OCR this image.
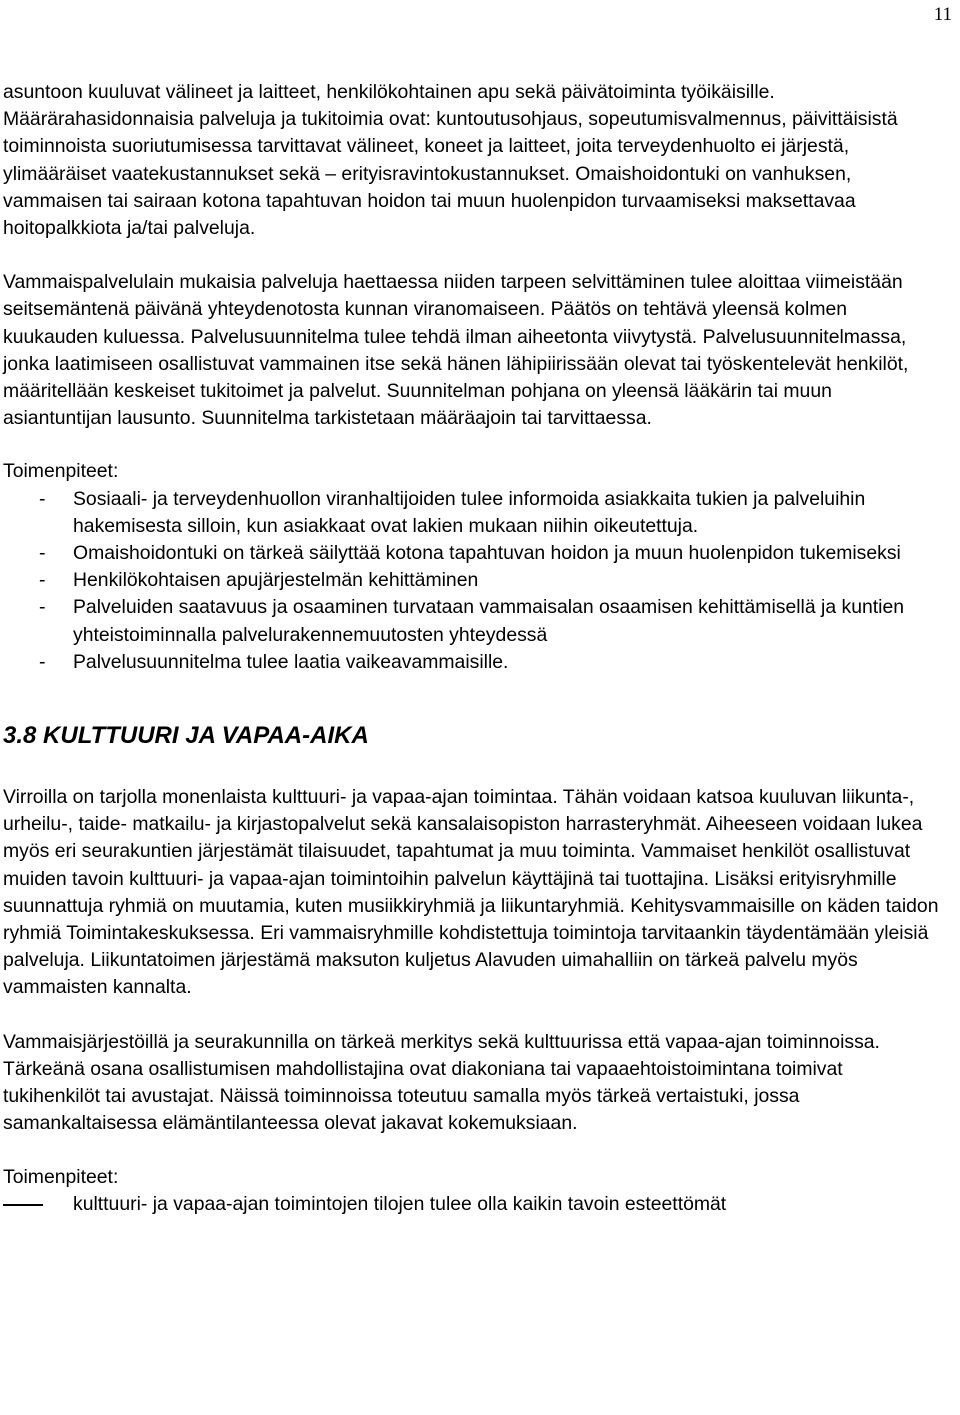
11

asuntoon kuuluvat välineet ja laitteet, henkilökohtainen apu sekä päivätoiminta työikäisille. Määrärahasidonnaisia palveluja ja tukitoimia ovat: kuntoutusohjaus, sopeutumisvalmennus, päivittäisistä toiminnoista suoriutumisessa tarvittavat välineet, koneet ja laitteet, joita terveydenhuolto ei järjestä, ylimääräiset vaatekustannukset sekä – erityisravintokustannukset. Omaishoidontuki on vanhuksen, vammaisen tai sairaan kotona tapahtuvan hoidon tai muun huolenpidon turvaamiseksi maksettavaa hoitopalkkiota ja/tai palveluja.

Vammaispalvelulain mukaisia palveluja haettaessa niiden tarpeen selvittäminen tulee aloittaa viimeistään seitsemäntenä päivänä yhteydenotosta kunnan viranomaiseen. Päätös on tehtävä yleensä kolmen kuukauden kuluessa. Palvelusuunnitelma tulee tehdä ilman aiheetonta viivytystä. Palvelusuunnitelmassa, jonka laatimiseen osallistuvat vammainen itse sekä hänen lähipiirissään olevat tai työskentelevät henkilöt, määritellään keskeiset tukitoimet ja palvelut. Suunnitelman pohjana on yleensä lääkärin tai muun asiantuntijan lausunto. Suunnitelma tarkistetaan määräajoin tai tarvittaessa.

Toimenpiteet:

- Sosiaali- ja terveydenhuollon viranhaltijoiden tulee informoida asiakkaita tukien ja palveluihin hakemisesta silloin, kun asiakkaat ovat lakien mukaan niihin oikeutettuja.
- Omaishoidontuki on tärkeä säilyttää kotona tapahtuvan hoidon ja muun huolenpidon tukemiseksi
- Henkilökohtaisen apujärjestelmän kehittäminen
- Palveluiden saatavuus ja osaaminen turvataan vammaisalan osaamisen kehittämisellä ja kuntien yhteistoiminnalla palvelurakennemuutosten yhteydessä
- Palvelusuunnitelma tulee laatia vaikeavammaisille.
3.8 KULTTUURI JA VAPAA-AIKA

Virroilla on tarjolla monenlaista kulttuuri- ja vapaa-ajan toimintaa. Tähän voidaan katsoa kuuluvan liikunta-, urheilu-, taide- matkailu- ja kirjastopalvelut sekä kansalaisopiston harrasteryhmät. Aiheeseen voidaan lukea myös eri seurakuntien järjestämät tilaisuudet, tapahtumat ja muu toiminta. Vammaiset henkilöt osallistuvat muiden tavoin kulttuuri- ja vapaa-ajan toimintoihin palvelun käyttäjinä tai tuottajina. Lisäksi erityisryhmille suunnattuja ryhmiä on muutamia, kuten musiikkiryhmiä ja liikuntaryhmiä. Kehitysvammaisille on käden taidon ryhmiä Toimintakeskuksessa. Eri vammaisryhmille kohdistettuja toimintoja tarvitaankin täydentämään yleisiä palveluja. Liikuntatoimen järjestämä maksuton kuljetus Alavuden uimahalliin on tärkeä palvelu myös vammaisten kannalta.

Vammaisjärjestöillä ja seurakunnilla on tärkeä merkitys sekä kulttuurissa että vapaa-ajan toiminnoissa. Tärkeänä osana osallistumisen mahdollistajina ovat diakoniana tai vapaaehtoistoimintana toimivat tukihenkilöt tai avustajat. Näissä toiminnoissa toteutuu samalla myös tärkeä vertaistuki, jossa samankaltaisessa elämäntilanteessa olevat jakavat kokemuksiaan.

Toimenpiteet:

kulttuuri- ja vapaa-ajan toimintojen tilojen tulee olla kaikin tavoin esteettömät
